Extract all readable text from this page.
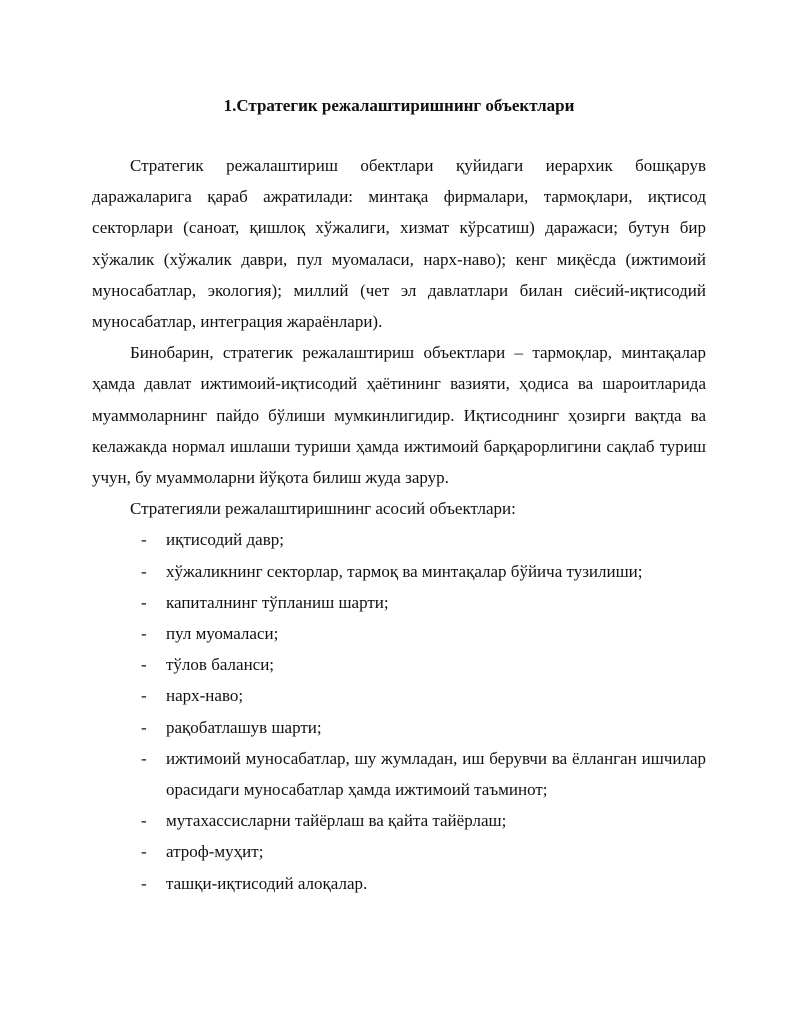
1.Стратегик режалаштиришнинг объектлари

Стратегик режалаштириш обектлари қуйидаги иерархик бошқарув даражаларига қараб ажратилади: минтақа фирмалари, тармоқлари, иқтисод секторлари (саноат, қишлоқ хўжалиги, хизмат кўрсатиш) даражаси; бутун бир хўжалик (хўжалик даври, пул муомаласи, нарх-наво); кенг миқёсда (ижтимоий муносабатлар, экология); миллий (чет эл давлатлари билан сиёсий-иқтисодий муносабатлар, интеграция жараёнлари).

Бинобарин, стратегик режалаштириш объектлари – тармоқлар, минтақалар ҳамда давлат ижтимоий-иқтисодий ҳаётининг вазияти, ҳодиса ва шароитларида муаммоларнинг пайдо бўлиши мумкинлигидир. Иқтисоднинг ҳозирги вақтда ва келажакда нормал ишлаши туриши ҳамда ижтимоий барқарорлигини сақлаб туриш учун, бу муаммоларни йўқота билиш жуда зарур.

Стратегияли режалаштиришнинг асосий объектлари:

- иқтисодий давр;
- хўжаликнинг секторлар, тармоқ ва минтақалар бўйича тузилиши;
- капиталнинг тўпланиш шарти;
- пул муомаласи;
- тўлов баланси;
- нарх-наво;
- рақобатлашув шарти;
- ижтимоий муносабатлар, шу жумладан, иш берувчи ва ёлланган ишчилар орасидаги муносабатлар ҳамда ижтимоий таъминот;
- мутахассисларни тайёрлаш ва қайта тайёрлаш;
- атроф-муҳит;
- ташқи-иқтисодий алоқалар.
